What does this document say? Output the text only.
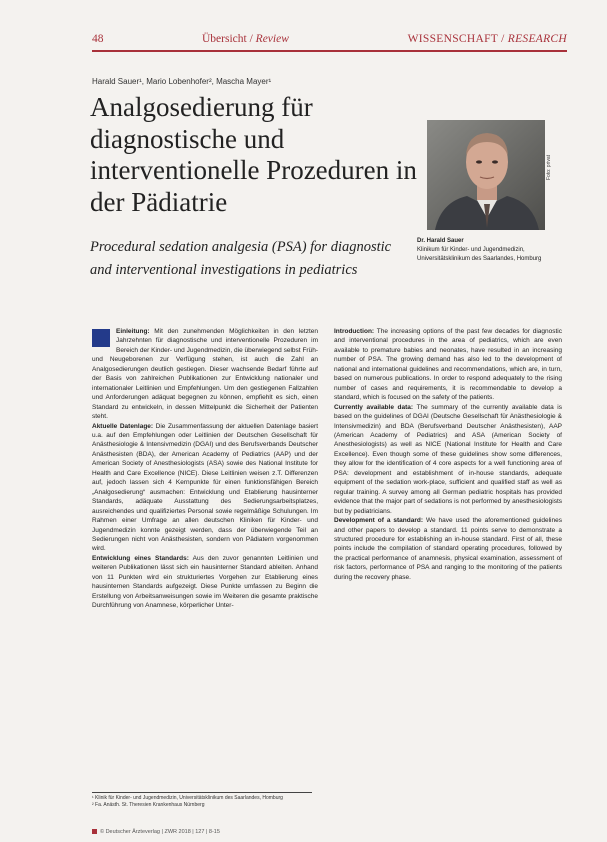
48	Übersicht / Review	WISSENSCHAFT / RESEARCH
Harald Sauer¹, Mario Lobenhofer², Mascha Mayer¹
Analgosedierung für diagnostische und interventionelle Prozeduren in der Pädiatrie

Procedural sedation analgesia (PSA) for diagnostic and interventional investigations in pediatrics

Foto: privat
Dr. Harald Sauer
Klinikum für Kinder- und Jugendmedizin, Universitätsklinikum des Saarlandes, Homburg

Einleitung: Mit den zunehmenden Möglichkeiten in den letzten Jahrzehnten für diagnostische und interventionelle Prozeduren im Bereich der Kinder- und Jugendmedizin, die überwiegend selbst Früh- und Neugeborenen zur Verfügung stehen, ist auch die Zahl an Analgosedierungen deutlich gestiegen. Dieser wachsende Bedarf führte auf der Basis von zahlreichen Publikationen zur Entwicklung nationaler und internationaler Leitlinien und Empfehlungen. Um den gestiegenen Fallzahlen und Anforderungen adäquat begegnen zu können, empfiehlt es sich, einen Standard zu entwickeln, in dessen Mittelpunkt die Sicherheit der Patienten steht.

Aktuelle Datenlage: Die Zusammenfassung der aktuellen Datenlage basiert u.a. auf den Empfehlungen oder Leitlinien der Deutschen Gesellschaft für Anästhesiologie & Intensivmedizin (DGAI) und des Berufsverbands Deutscher Anästhesisten (BDA), der American Academy of Pediatrics (AAP) und der American Society of Anesthesiologists (ASA) sowie des National Institute for Health and Care Excellence (NICE). Diese Leitlinien weisen z.T. Differenzen auf, jedoch lassen sich 4 Kernpunkte für einen funktionsfähigen Bereich „Analgosedierung“ ausmachen: Entwicklung und Etablierung hausinterner Standards, adäquate Ausstattung des Sedierungsarbeitsplatzes, ausreichendes und qualifiziertes Personal sowie regelmäßige Schulungen. Im Rahmen einer Umfrage an allen deutschen Kliniken für Kinder- und Jugendmedizin konnte gezeigt werden, dass der überwiegende Teil an Sedierungen nicht von Anästhesisten, sondern von Pädiatern vorgenommen wird.

Entwicklung eines Standards: Aus den zuvor genannten Leitlinien und weiteren Publikationen lässt sich ein hausinterner Standard ableiten. Anhand von 11 Punkten wird ein strukturiertes Vorgehen zur Etablierung eines hausinternen Standards aufgezeigt. Diese Punkte umfassen zu Beginn die Erstellung von Arbeitsanweisungen sowie im Weiteren die gesamte praktische Durchführung von Anamnese, körperlicher Unter-

Introduction: The increasing options of the past few decades for diagnostic and interventional procedures in the area of pediatrics, which are even available to premature babies and neonates, have resulted in an increasing number of PSA. The growing demand has also led to the development of national and international guidelines and recommendations, which are, in turn, based on numerous publications. In order to respond adequately to the rising number of cases and requirements, it is recommendable to develop a standard, which is focused on the safety of the patients.

Currently available data: The summary of the currently available data is based on the guidelines of DGAI (Deutsche Gesellschaft für Anästhesiologie & Intensivmedizin) and BDA (Berufsverband Deutscher Anästhesisten), AAP (American Academy of Pediatrics) and ASA (American Society of Anesthesiologists) as well as NICE (National Institute for Health and Care Excellence). Even though some of these guidelines show some differences, they allow for the identification of 4 core aspects for a well functioning area of PSA: development and establishment of in-house standards, adequate equipment of the sedation work-place, sufficient and qualified staff as well as regular training. A survey among all German pediatric hospitals has provided evidence that the major part of sedations is not performed by anesthesiologists but by pediatricians.

Development of a standard: We have used the aforementioned guidelines and other papers to develop a standard. 11 points serve to demonstrate a structured procedure for establishing an in-house standard. First of all, these points include the compilation of standard operating procedures, followed by the practical performance of anamnesis, physical examination, assessment of risk factors, performance of PSA and ranging to the monitoring of the patients during the recovery phase.

¹ Klinik für Kinder- und Jugendmedizin, Universitätsklinikum des Saarlandes, Homburg
² Fa. Anästh. St. Theresien Krankenhaus Nürnberg
© Deutscher Ärzteverlag | ZWR 2018 | 127 | 8-15
